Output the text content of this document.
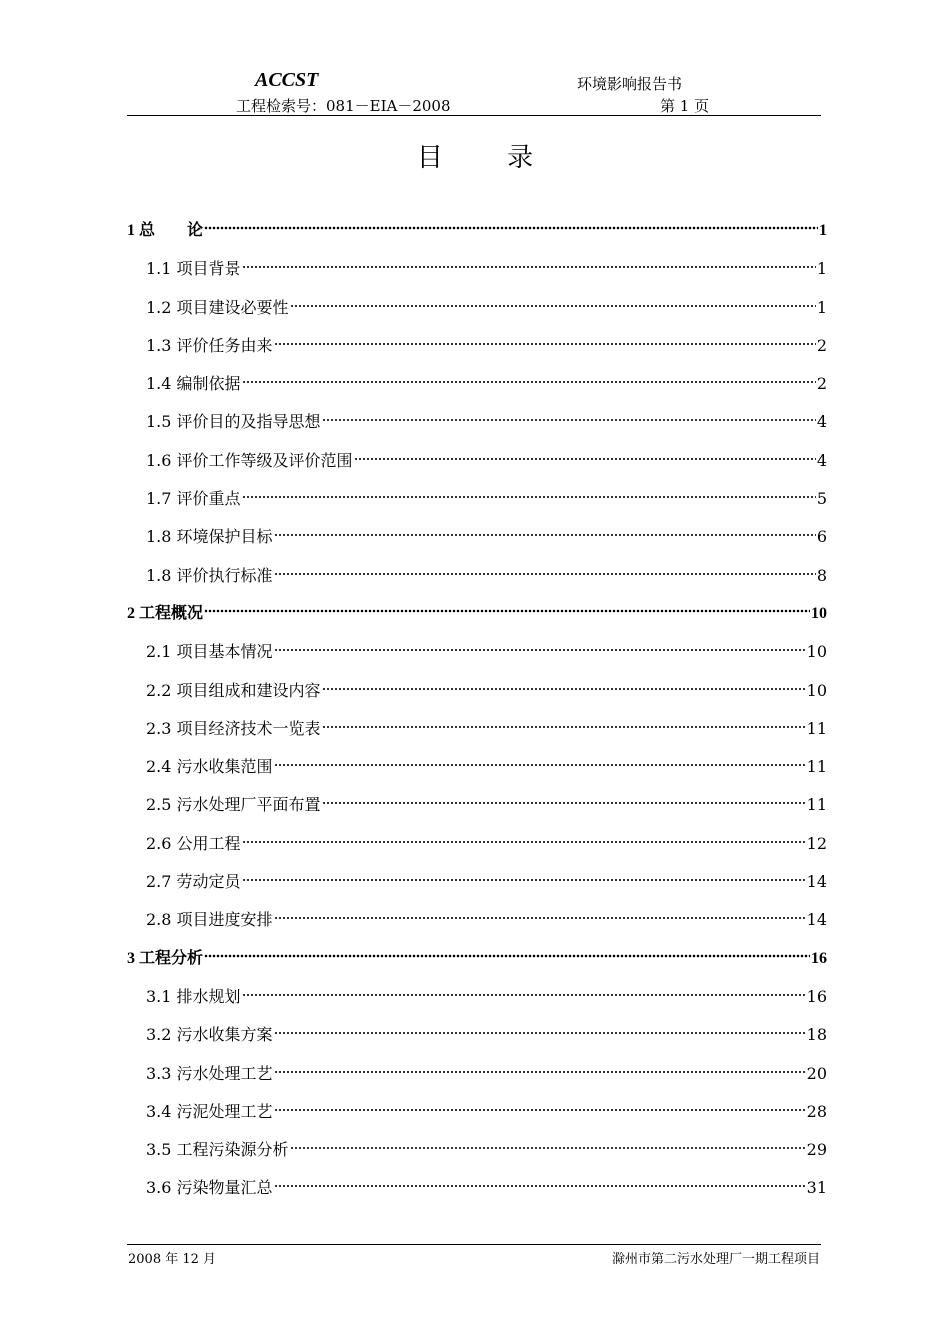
ACCST
工程检索号：081－EIA－2008
环境影响报告书
第 1 页
目 录
1 总　　论	1
1.1 项目背景	1
1.2 项目建设必要性	1
1.3 评价任务由来	2
1.4 编制依据	2
1.5 评价目的及指导思想	4
1.6 评价工作等级及评价范围	4
1.7 评价重点	5
1.8 环境保护目标	6
1.8 评价执行标准	8
2 工程概况	10
2.1 项目基本情况	10
2.2 项目组成和建设内容	10
2.3 项目经济技术一览表	11
2.4 污水收集范围	11
2.5 污水处理厂平面布置	11
2.6 公用工程	12
2.7 劳动定员	14
2.8 项目进度安排	14
3 工程分析	16
3.1 排水规划	16
3.2 污水收集方案	18
3.3 污水处理工艺	20
3.4 污泥处理工艺	28
3.5 工程污染源分析	29
3.6 污染物量汇总	31
2008 年 12 月	滁州市第二污水处理厂一期工程项目
